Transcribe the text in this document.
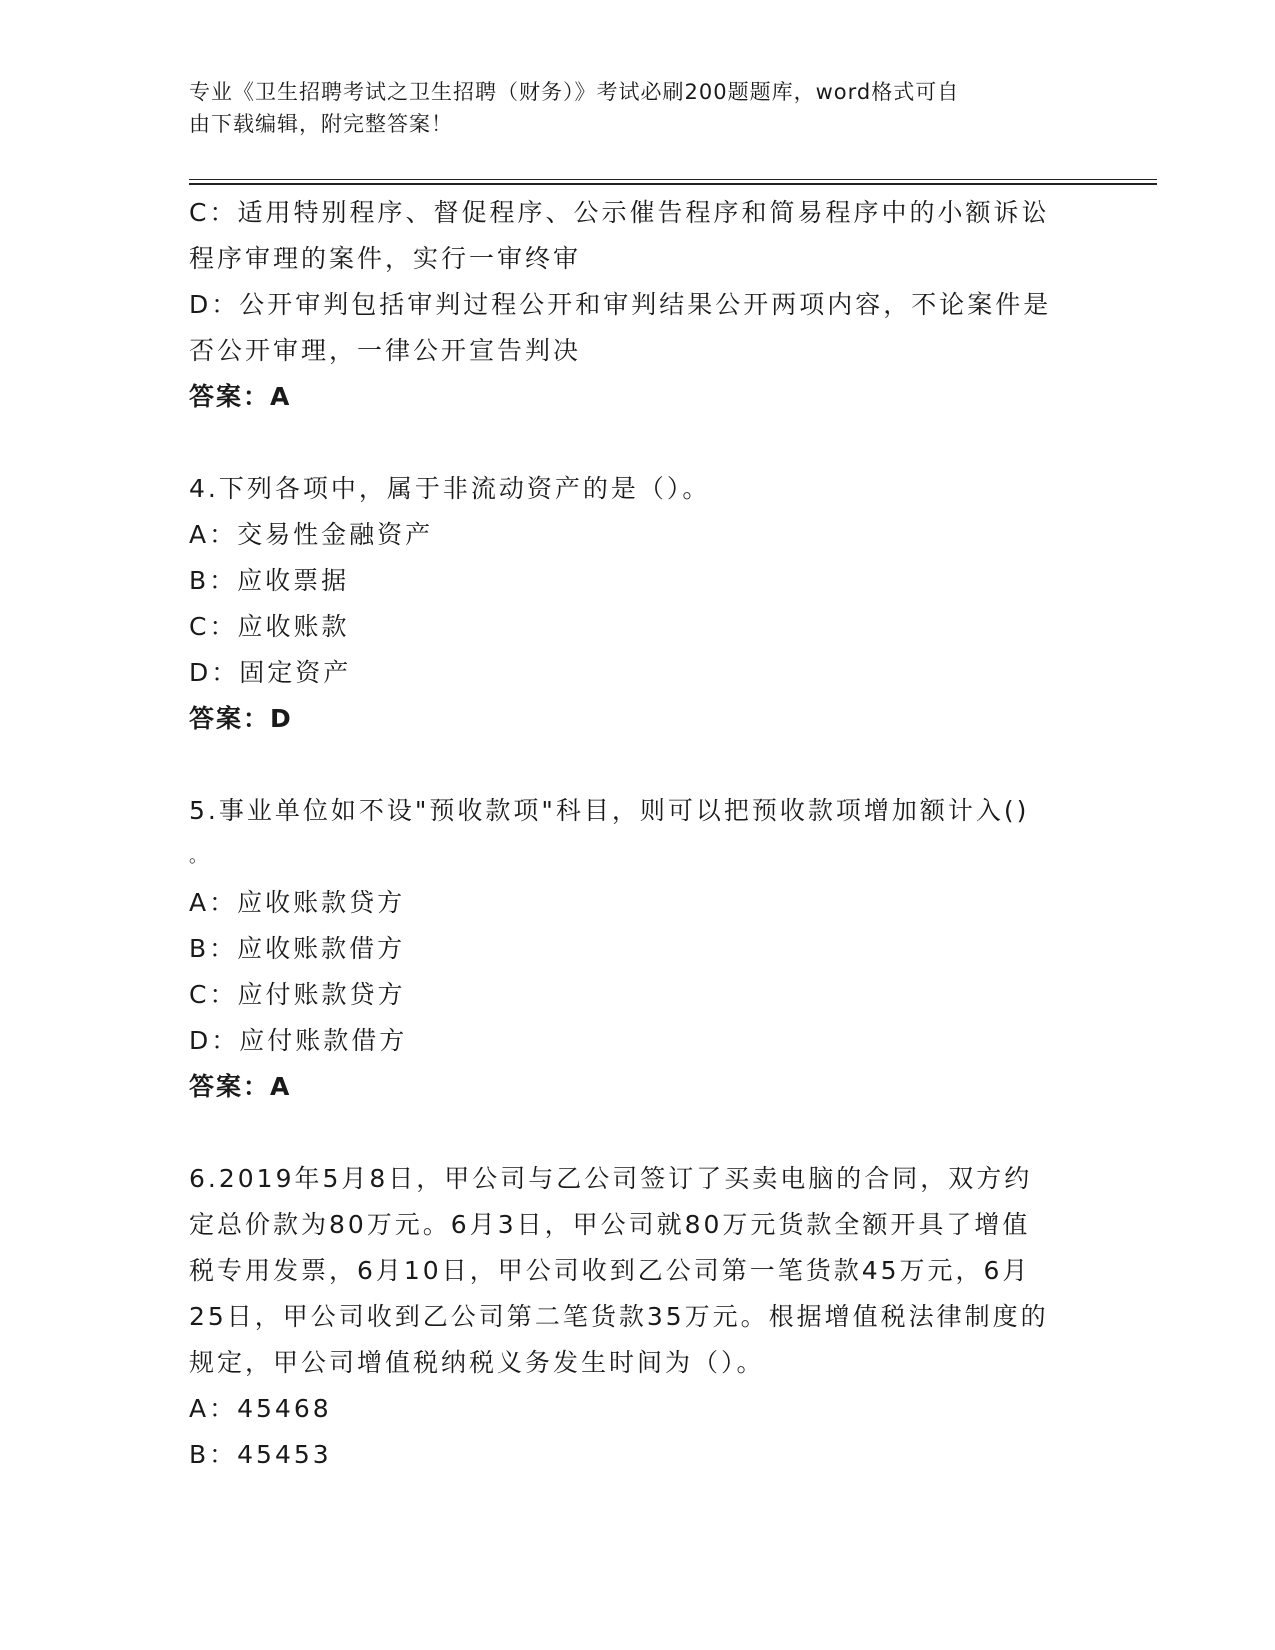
专业《卫生招聘考试之卫生招聘（财务）》考试必刷200题题库，word格式可自
由下载编辑，附完整答案！
C：适用特别程序、督促程序、公示催告程序和简易程序中的小额诉讼
程序审理的案件，实行一审终审
D：公开审判包括审判过程公开和审判结果公开两项内容，不论案件是
否公开审理，一律公开宣告判决
答案：A
4.下列各项中，属于非流动资产的是（）。
A：交易性金融资产
B：应收票据
C：应收账款
D：固定资产
答案：D
5.事业单位如不设"预收款项"科目，则可以把预收款项增加额计入()
。
A：应收账款贷方
B：应收账款借方
C：应付账款贷方
D：应付账款借方
答案：A
6.2019年5月8日，甲公司与乙公司签订了买卖电脑的合同，双方约
定总价款为80万元。6月3日，甲公司就80万元货款全额开具了增值
税专用发票，6月10日，甲公司收到乙公司第一笔货款45万元，6月
25日，甲公司收到乙公司第二笔货款35万元。根据增值税法律制度的
规定，甲公司增值税纳税义务发生时间为（）。
A：45468
B：45453
